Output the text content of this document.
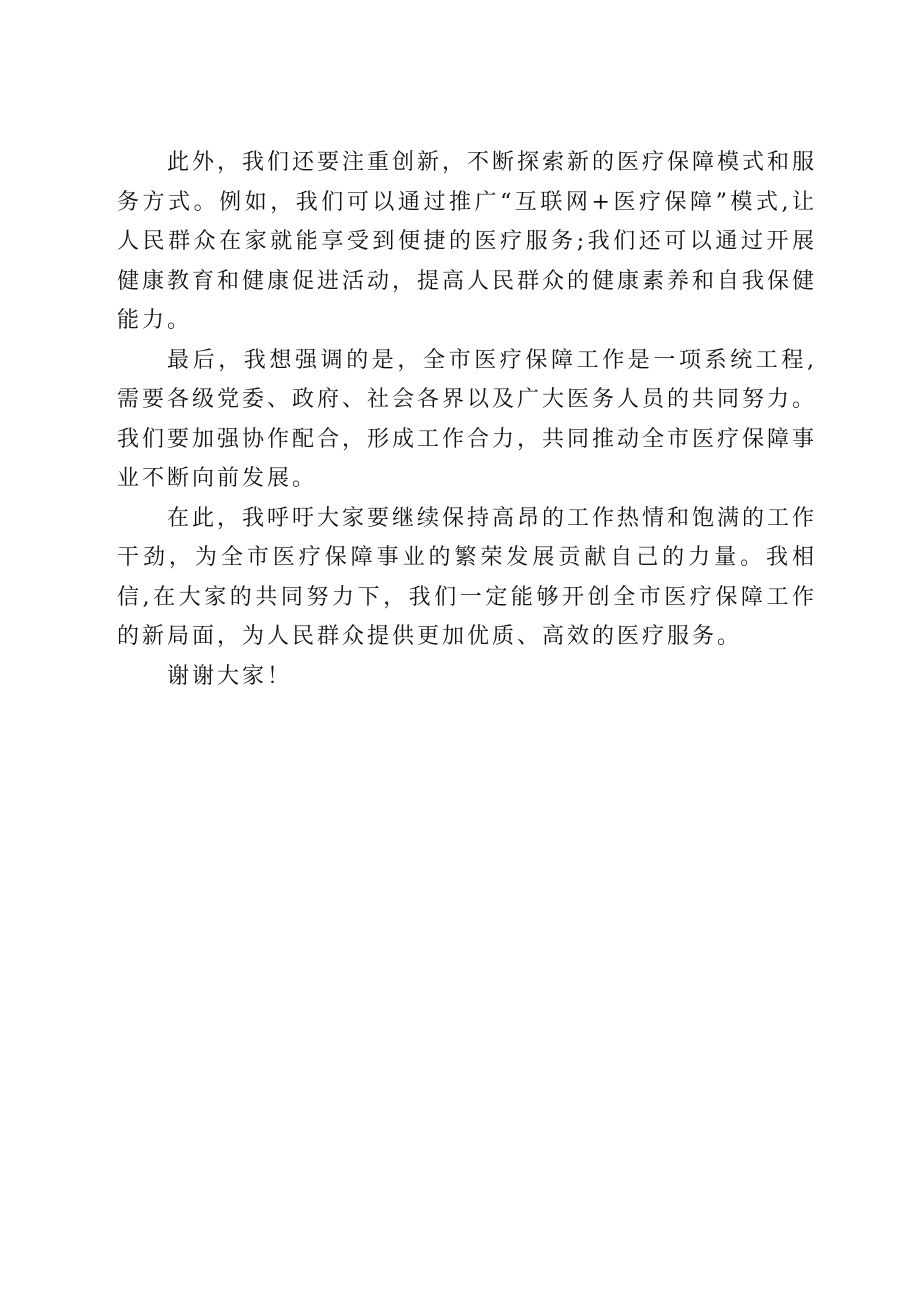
此外，我们还要注重创新，不断探索新的医疗保障模式和服务方式。例如，我们可以通过推广“互联网+医疗保障”模式,让人民群众在家就能享受到便捷的医疗服务;我们还可以通过开展健康教育和健康促进活动，提高人民群众的健康素养和自我保健能力。

最后，我想强调的是，全市医疗保障工作是一项系统工程,需要各级党委、政府、社会各界以及广大医务人员的共同努力。我们要加强协作配合，形成工作合力，共同推动全市医疗保障事业不断向前发展。

在此，我呼吁大家要继续保持高昂的工作热情和饱满的工作干劲，为全市医疗保障事业的繁荣发展贡献自己的力量。我相信,在大家的共同努力下，我们一定能够开创全市医疗保障工作的新局面，为人民群众提供更加优质、高效的医疗服务。

谢谢大家！
